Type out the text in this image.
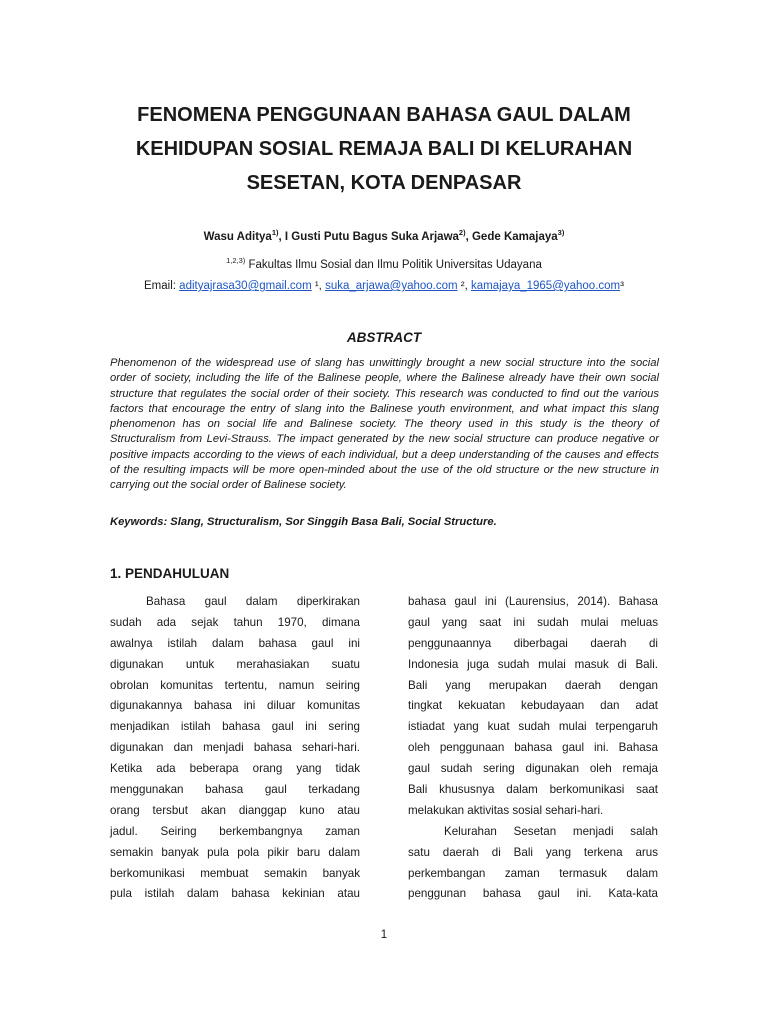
FENOMENA PENGGUNAAN BAHASA GAUL DALAM
KEHIDUPAN SOSIAL REMAJA BALI DI KELURAHAN
SESETAN, KOTA DENPASAR
Wasu Aditya$^{1)}$, I Gusti Putu Bagus Suka Arjawa$^{2)}$, Gede Kamajaya$^{3)}$
$^{1,2,3)}$ Fakultas Ilmu Sosial dan Ilmu Politik Universitas Udayana
Email: adityajrasa30@gmail.com ¹, suka_arjawa@yahoo.com ², kamajaya_1965@yahoo.com³
ABSTRACT
Phenomenon of the widespread use of slang has unwittingly brought a new social structure into the social order of society, including the life of the Balinese people, where the Balinese already have their own social structure that regulates the social order of their society. This research was conducted to find out the various factors that encourage the entry of slang into the Balinese youth environment, and what impact this slang phenomenon has on social life and Balinese society. The theory used in this study is the theory of Structuralism from Levi-Strauss. The impact generated by the new social structure can produce negative or positive impacts according to the views of each individual, but a deep understanding of the causes and effects of the resulting impacts will be more open-minded about the use of the old structure or the new structure in carrying out the social order of Balinese society.
Keywords: Slang, Structuralism, Sor Singgih Basa Bali, Social Structure.
1. PENDAHULUAN
Bahasa gaul dalam diperkirakan
sudah ada sejak tahun 1970, dimana
awalnya istilah dalam bahasa gaul ini
digunakan untuk merahasiakan suatu
obrolan komunitas tertentu, namun seiring
digunakannya bahasa ini diluar komunitas
menjadikan istilah bahasa gaul ini sering
digunakan dan menjadi bahasa sehari-hari.
Ketika ada beberapa orang yang tidak
menggunakan bahasa gaul terkadang
orang tersbut akan dianggap kuno atau
jadul. Seiring berkembangnya zaman
semakin banyak pula pola pikir baru dalam
berkomunikasi membuat semakin banyak
pula istilah dalam bahasa kekinian atau
bahasa gaul ini (Laurensius, 2014). Bahasa
gaul yang saat ini sudah mulai meluas
penggunaannya diberbagai daerah di
Indonesia juga sudah mulai masuk di Bali.
Bali yang merupakan daerah dengan
tingkat kekuatan kebudayaan dan adat
istiadat yang kuat sudah mulai terpengaruh
oleh penggunaan bahasa gaul ini. Bahasa
gaul sudah sering digunakan oleh remaja
Bali khususnya dalam berkomunikasi saat
melakukan aktivitas sosial sehari-hari.
Kelurahan Sesetan menjadi salah
satu daerah di Bali yang terkena arus
perkembangan zaman termasuk dalam
penggunan bahasa gaul ini. Kata-kata
1
